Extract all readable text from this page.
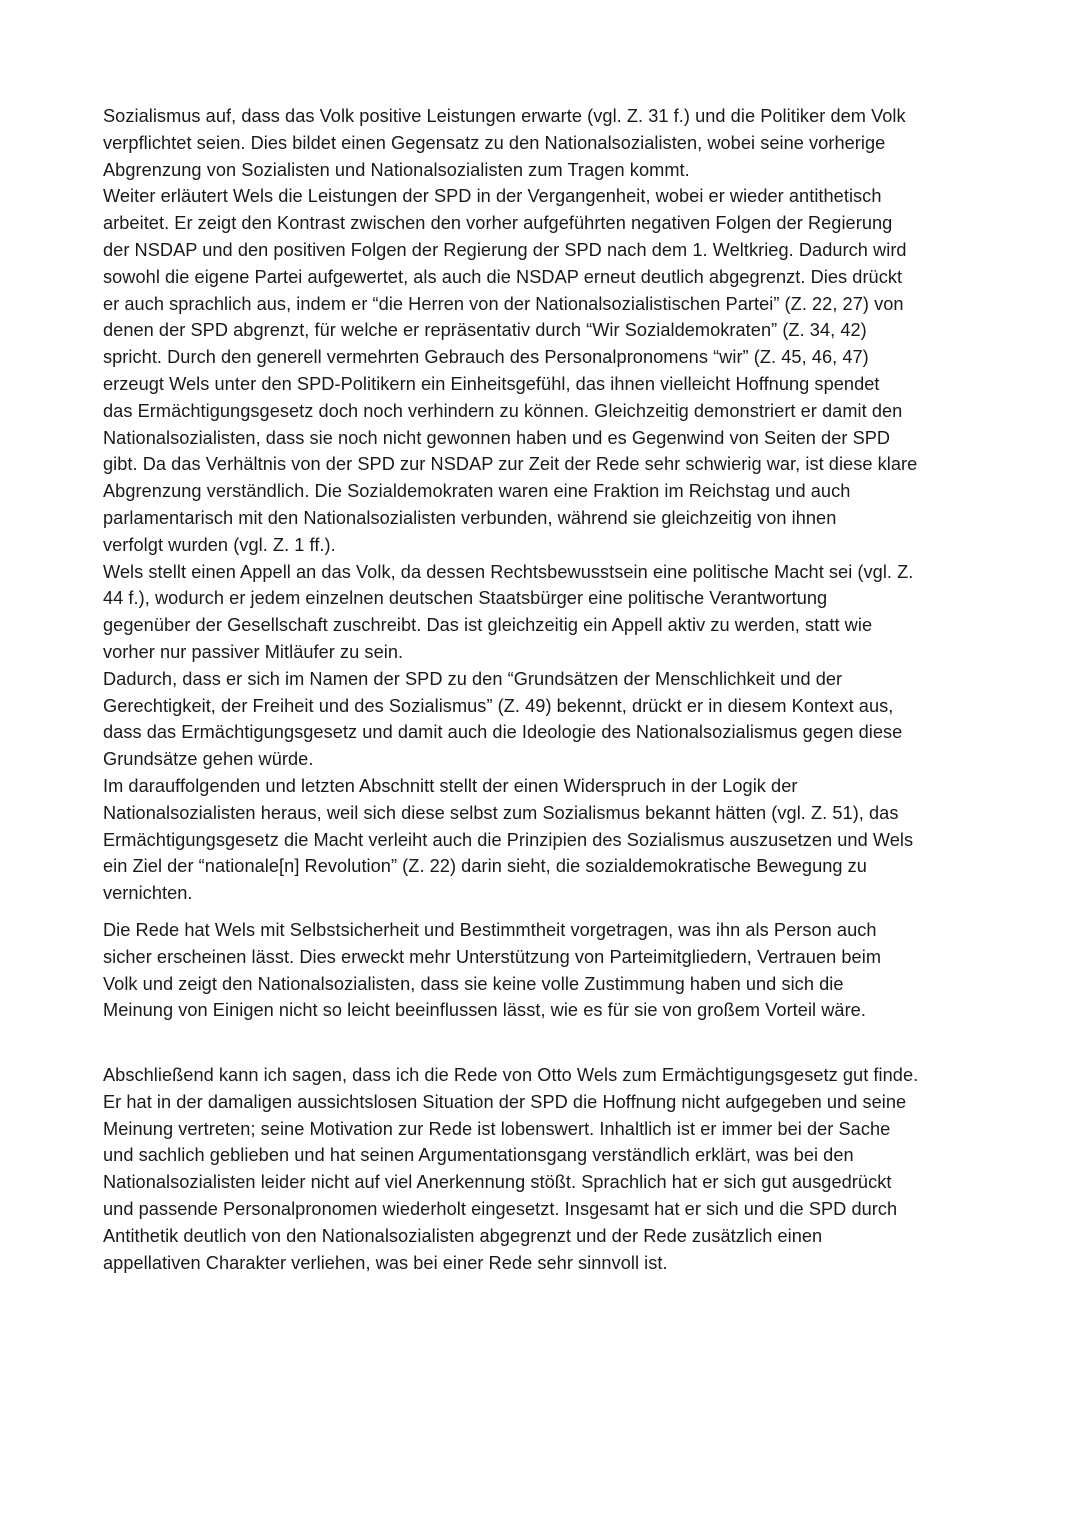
Sozialismus auf, dass das Volk positive Leistungen erwarte (vgl. Z. 31 f.) und die Politiker dem Volk
verpflichtet seien. Dies bildet einen Gegensatz zu den Nationalsozialisten, wobei seine vorherige
Abgrenzung von Sozialisten und Nationalsozialisten zum Tragen kommt.

Weiter erläutert Wels die Leistungen der SPD in der Vergangenheit, wobei er wieder antithetisch
arbeitet. Er zeigt den Kontrast zwischen den vorher aufgeführten negativen Folgen der Regierung
der NSDAP und den positiven Folgen der Regierung der SPD nach dem 1. Weltkrieg. Dadurch wird
sowohl die eigene Partei aufgewertet, als auch die NSDAP erneut deutlich abgegrenzt. Dies drückt
er auch sprachlich aus, indem er “die Herren von der Nationalsozialistischen Partei” (Z. 22, 27) von
denen der SPD abgrenzt, für welche er repräsentativ durch “Wir Sozialdemokraten” (Z. 34, 42)
spricht. Durch den generell vermehrten Gebrauch des Personalpronomens “wir” (Z. 45, 46, 47)
erzeugt Wels unter den SPD-Politikern ein Einheitsgefühl, das ihnen vielleicht Hoffnung spendet
das Ermächtigungsgesetz doch noch verhindern zu können. Gleichzeitig demonstriert er damit den
Nationalsozialisten, dass sie noch nicht gewonnen haben und es Gegenwind von Seiten der SPD
gibt. Da das Verhältnis von der SPD zur NSDAP zur Zeit der Rede sehr schwierig war, ist diese klare
Abgrenzung verständlich. Die Sozialdemokraten waren eine Fraktion im Reichstag und auch
parlamentarisch mit den Nationalsozialisten verbunden, während sie gleichzeitig von ihnen
verfolgt wurden (vgl. Z. 1 ff.).

Wels stellt einen Appell an das Volk, da dessen Rechtsbewusstsein eine politische Macht sei (vgl. Z.
44 f.), wodurch er jedem einzelnen deutschen Staatsbürger eine politische Verantwortung
gegenüber der Gesellschaft zuschreibt. Das ist gleichzeitig ein Appell aktiv zu werden, statt wie
vorher nur passiver Mitläufer zu sein.

Dadurch, dass er sich im Namen der SPD zu den “Grundsätzen der Menschlichkeit und der
Gerechtigkeit, der Freiheit und des Sozialismus” (Z. 49) bekennt, drückt er in diesem Kontext aus,
dass das Ermächtigungsgesetz und damit auch die Ideologie des Nationalsozialismus gegen diese
Grundsätze gehen würde.

Im darauffolgenden und letzten Abschnitt stellt der einen Widerspruch in der Logik der
Nationalsozialisten heraus, weil sich diese selbst zum Sozialismus bekannt hätten (vgl. Z. 51), das
Ermächtigungsgesetz die Macht verleiht auch die Prinzipien des Sozialismus auszusetzen und Wels
ein Ziel der “nationale[n] Revolution” (Z. 22) darin sieht, die sozialdemokratische Bewegung zu
vernichten.

Die Rede hat Wels mit Selbstsicherheit und Bestimmtheit vorgetragen, was ihn als Person auch
sicher erscheinen lässt. Dies erweckt mehr Unterstützung von Parteimitgliedern, Vertrauen beim
Volk und zeigt den Nationalsozialisten, dass sie keine volle Zustimmung haben und sich die
Meinung von Einigen nicht so leicht beeinflussen lässt, wie es für sie von großem Vorteil wäre.

Abschließend kann ich sagen, dass ich die Rede von Otto Wels zum Ermächtigungsgesetz gut finde.
Er hat in der damaligen aussichtslosen Situation der SPD die Hoffnung nicht aufgegeben und seine
Meinung vertreten; seine Motivation zur Rede ist lobenswert. Inhaltlich ist er immer bei der Sache
und sachlich geblieben und hat seinen Argumentationsgang verständlich erklärt, was bei den
Nationalsozialisten leider nicht auf viel Anerkennung stößt. Sprachlich hat er sich gut ausgedrückt
und passende Personalpronomen wiederholt eingesetzt. Insgesamt hat er sich und die SPD durch
Antithetik deutlich von den Nationalsozialisten abgegrenzt und der Rede zusätzlich einen
appellativen Charakter verliehen, was bei einer Rede sehr sinnvoll ist.
